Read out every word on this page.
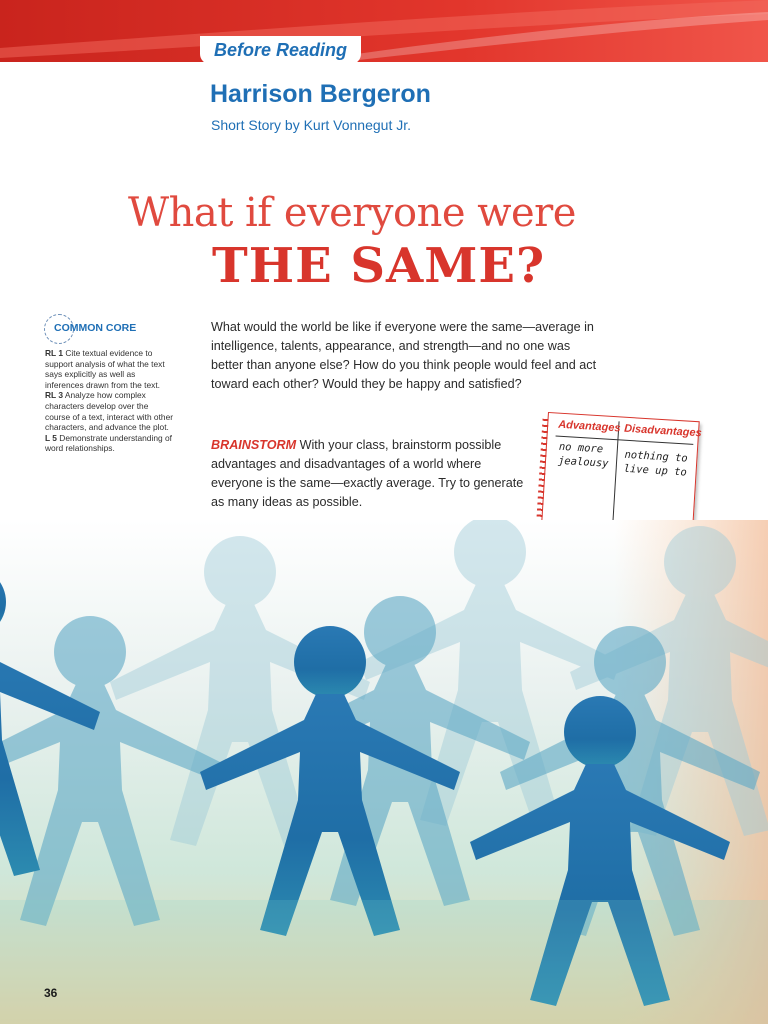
Before Reading
Harrison Bergeron
Short Story by Kurt Vonnegut Jr.
What if everyone were
THE SAME?
COMMON CORE
RL 1 Cite textual evidence to support analysis of what the text says explicitly as well as inferences drawn from the text. RL 3 Analyze how complex characters develop over the course of a text, interact with other characters, and advance the plot. L 5 Demonstrate understanding of word relationships.

What would the world be like if everyone were the same—average in intelligence, talents, appearance, and strength—and no one was better than anyone else? How do you think people would feel and act toward each other? Would they be happy and satisfied?

BRAINSTORM With your class, brainstorm possible advantages and disadvantages of a world where everyone is the same—exactly average. Try to generate as many ideas as possible.

Advantages Disadvantages
no more jealousy	nothing to live up to
36
